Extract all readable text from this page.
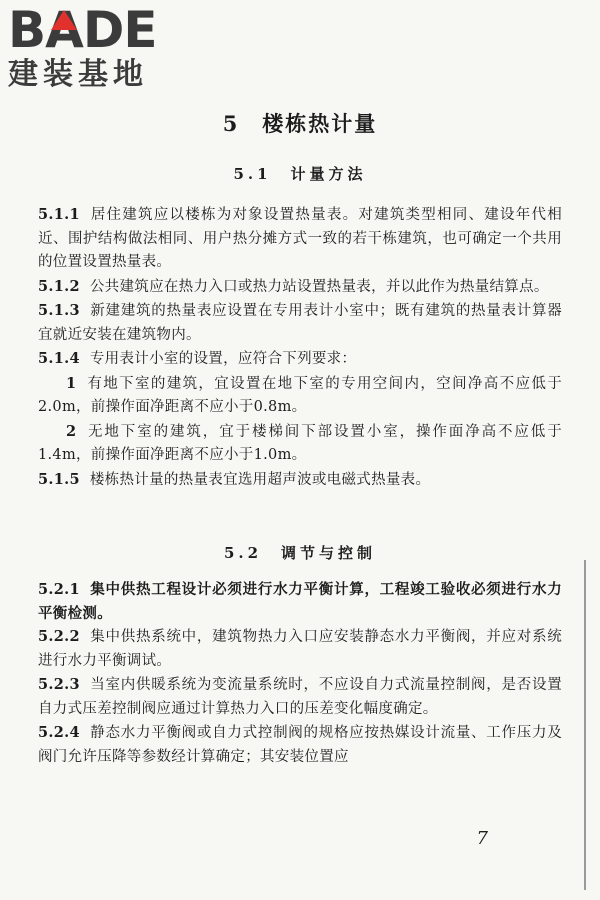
B A DE
建装基地
5　楼栋热计量
5.1　计量方法

5.1.1 居住建筑应以楼栋为对象设置热量表。对建筑类型相同、建设年代相近、围护结构做法相同、用户热分摊方式一致的若干栋建筑，也可确定一个共用的位置设置热量表。

5.1.2 公共建筑应在热力入口或热力站设置热量表，并以此作为热量结算点。

5.1.3 新建建筑的热量表应设置在专用表计小室中；既有建筑的热量表计算器宜就近安装在建筑物内。

5.1.4 专用表计小室的设置，应符合下列要求：

1 有地下室的建筑，宜设置在地下室的专用空间内，空间净高不应低于2.0m，前操作面净距离不应小于0.8m。

2 无地下室的建筑，宜于楼梯间下部设置小室，操作面净高不应低于1.4m，前操作面净距离不应小于1.0m。

5.1.5 楼栋热计量的热量表宜选用超声波或电磁式热量表。

5.2　调节与控制

5.2.1 集中供热工程设计必须进行水力平衡计算，工程竣工验收必须进行水力平衡检测。

5.2.2 集中供热系统中，建筑物热力入口应安装静态水力平衡阀，并应对系统进行水力平衡调试。

5.2.3 当室内供暖系统为变流量系统时，不应设自力式流量控制阀，是否设置自力式压差控制阀应通过计算热力入口的压差变化幅度确定。

5.2.4 静态水力平衡阀或自力式控制阀的规格应按热媒设计流量、工作压力及阀门允许压降等参数经计算确定；其安装位置应

7
